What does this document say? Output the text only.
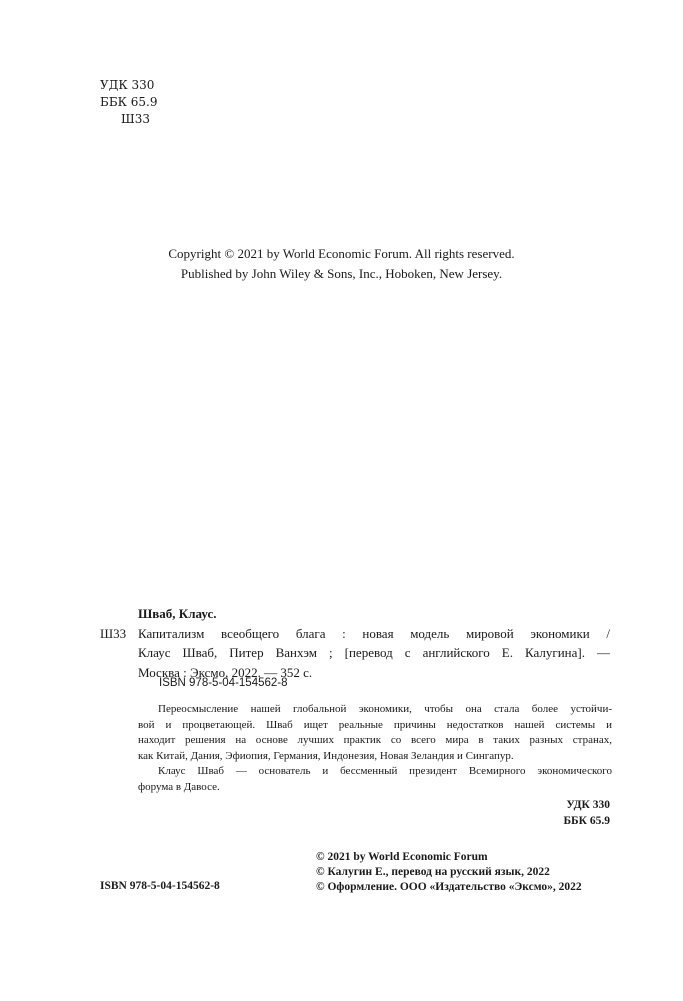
УДК 330
ББК 65.9
Ш33
Copyright © 2021 by World Economic Forum. All rights reserved.
Published by John Wiley & Sons, Inc., Hoboken, New Jersey.
Шваб, Клаус.
Ш33 Капитализм всеобщего блага : новая модель мировой экономики /
Клаус Шваб, Питер Ванхэм ; [перевод с английского Е. Калугина]. —
Москва : Эксмо, 2022. — 352 с.
ISBN 978-5-04-154562-8

Переосмысление нашей глобальной экономики, чтобы она стала более устойчи-
вой и процветающей. Шваб ищет реальные причины недостатков нашей системы и
находит решения на основе лучших практик со всего мира в таких разных странах,
как Китай, Дания, Эфиопия, Германия, Индонезия, Новая Зеландия и Сингапур.

Клаус Шваб — основатель и бессменный президент Всемирного экономического
форума в Давосе.

УДК 330
ББК 65.9
© 2021 by World Economic Forum
© Калугин Е., перевод на русский язык, 2022
© Оформление. ООО «Издательство «Эксмо», 2022
ISBN 978-5-04-154562-8
